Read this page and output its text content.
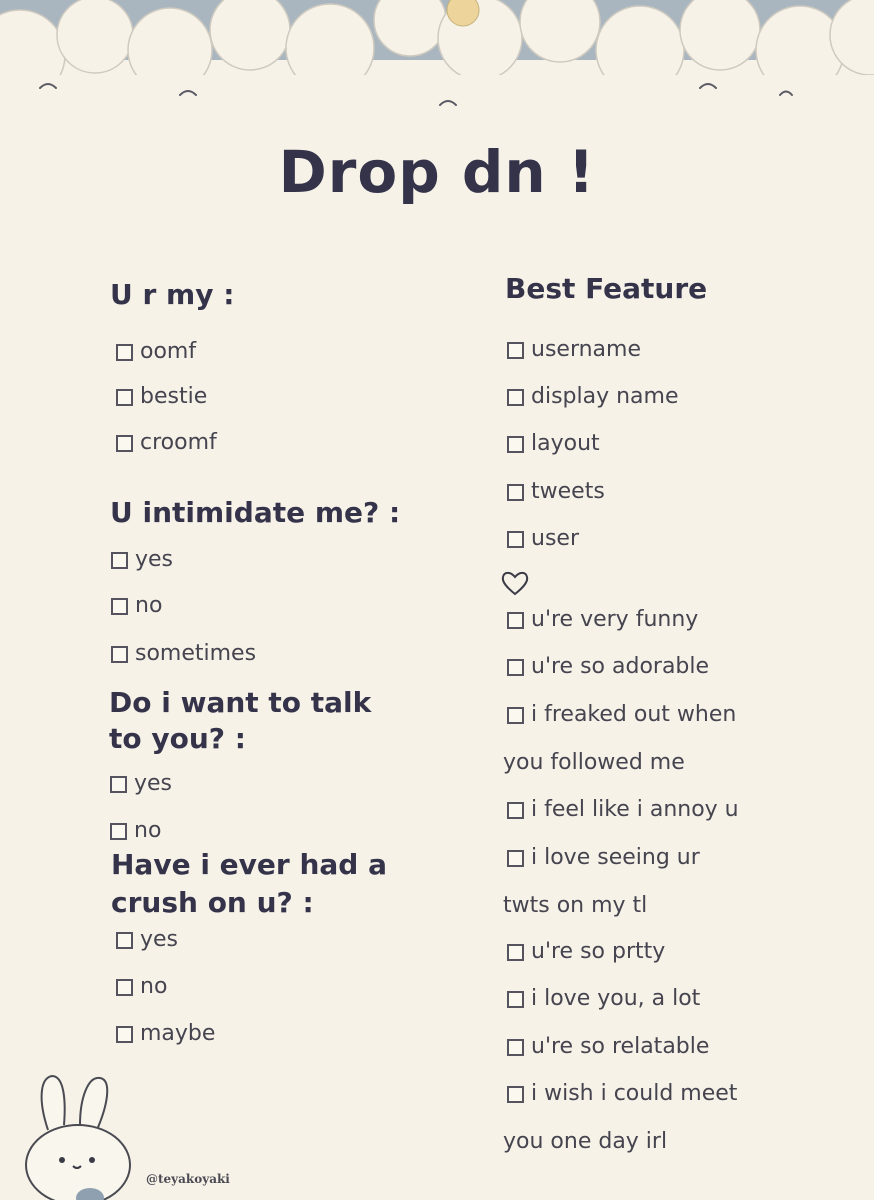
Drop dn !
U r my :
oomf
bestie
croomf
U intimidate me? :
yes
no
sometimes
Do i want to talk
to you? :
yes
no
Have i ever had a
crush on u? :
yes
no
maybe
Best Feature
username
display name
layout
tweets
user
u're very funny
u're so adorable
i freaked out when
you followed me
i feel like i annoy u
i love seeing ur
twts on my tl
u're so prtty
i love you, a lot
u're so relatable
i wish i could meet
you one day irl
@teyakoyaki
